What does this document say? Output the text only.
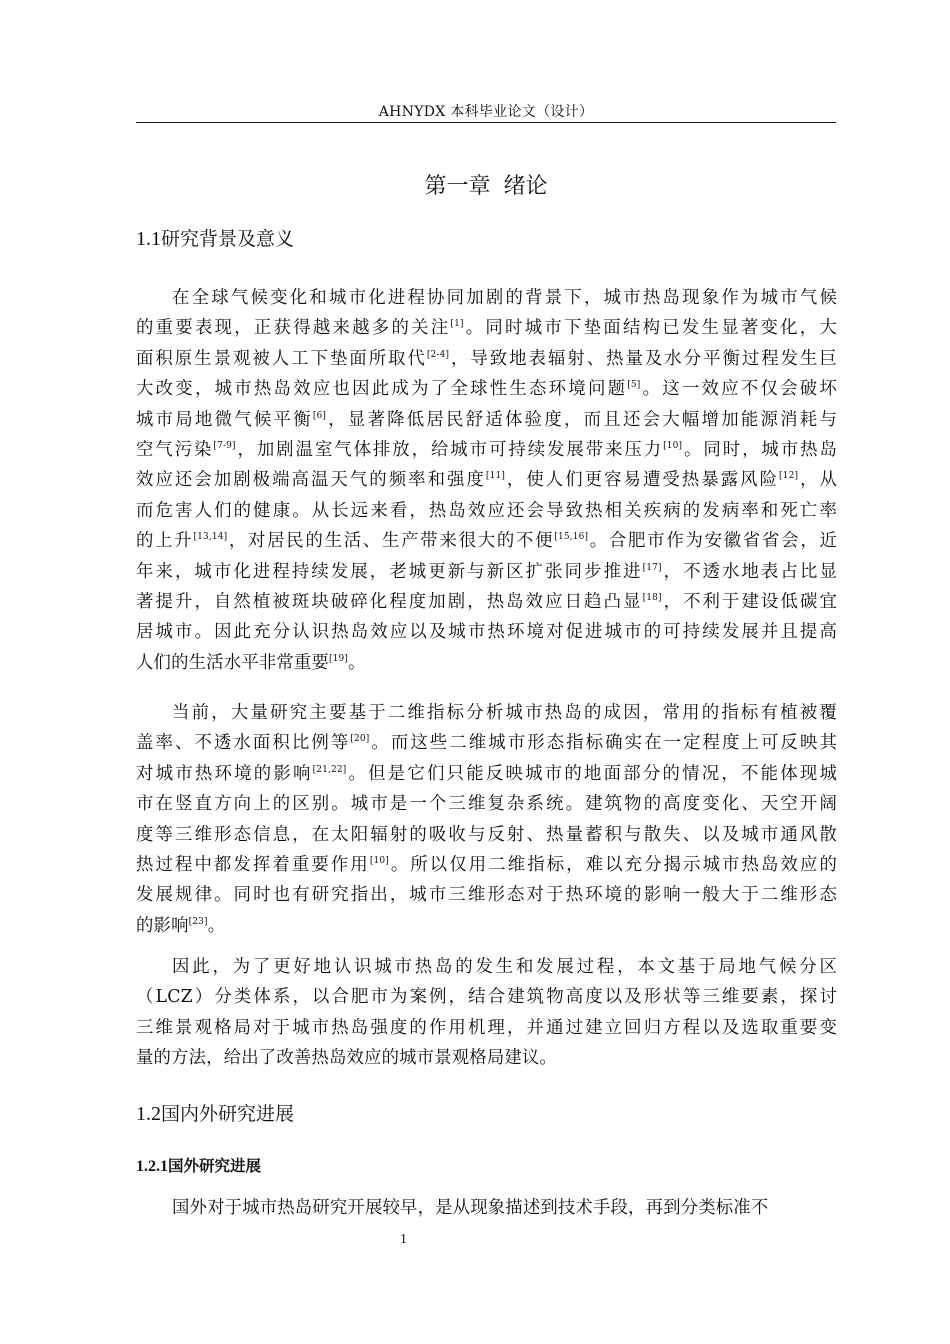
AHNYDX 本科毕业论文（设计）
第一章 绪论
1.1研究背景及意义
在全球气候变化和城市化进程协同加剧的背景下，城市热岛现象作为城市气候
的重要表现，正获得越来越多的关注[1]。同时城市下垫面结构已发生显著变化，大
面积原生景观被人工下垫面所取代[2-4]，导致地表辐射、热量及水分平衡过程发生巨
大改变，城市热岛效应也因此成为了全球性生态环境问题[5]。这一效应不仅会破坏
城市局地微气候平衡[6]，显著降低居民舒适体验度，而且还会大幅增加能源消耗与
空气污染[7-9]，加剧温室气体排放，给城市可持续发展带来压力[10]。同时，城市热岛
效应还会加剧极端高温天气的频率和强度[11]，使人们更容易遭受热暴露风险[12]，从
而危害人们的健康。从长远来看，热岛效应还会导致热相关疾病的发病率和死亡率
的上升[13,14]，对居民的生活、生产带来很大的不便[15,16]。合肥市作为安徽省省会，近
年来，城市化进程持续发展，老城更新与新区扩张同步推进[17]，不透水地表占比显
著提升，自然植被斑块破碎化程度加剧，热岛效应日趋凸显[18]，不利于建设低碳宜
居城市。因此充分认识热岛效应以及城市热环境对促进城市的可持续发展并且提高
人们的生活水平非常重要[19]。
当前，大量研究主要基于二维指标分析城市热岛的成因，常用的指标有植被覆
盖率、不透水面积比例等[20]。而这些二维城市形态指标确实在一定程度上可反映其
对城市热环境的影响[21,22]。但是它们只能反映城市的地面部分的情况，不能体现城
市在竖直方向上的区别。城市是一个三维复杂系统。建筑物的高度变化、天空开阔
度等三维形态信息，在太阳辐射的吸收与反射、热量蓄积与散失、以及城市通风散
热过程中都发挥着重要作用[10]。所以仅用二维指标，难以充分揭示城市热岛效应的
发展规律。同时也有研究指出，城市三维形态对于热环境的影响一般大于二维形态
的影响[23]。
因此，为了更好地认识城市热岛的发生和发展过程，本文基于局地气候分区
（LCZ）分类体系，以合肥市为案例，结合建筑物高度以及形状等三维要素，探讨
三维景观格局对于城市热岛强度的作用机理，并通过建立回归方程以及选取重要变
量的方法，给出了改善热岛效应的城市景观格局建议。
1.2国内外研究进展
1.2.1国外研究进展
国外对于城市热岛研究开展较早，是从现象描述到技术手段，再到分类标准不
1
